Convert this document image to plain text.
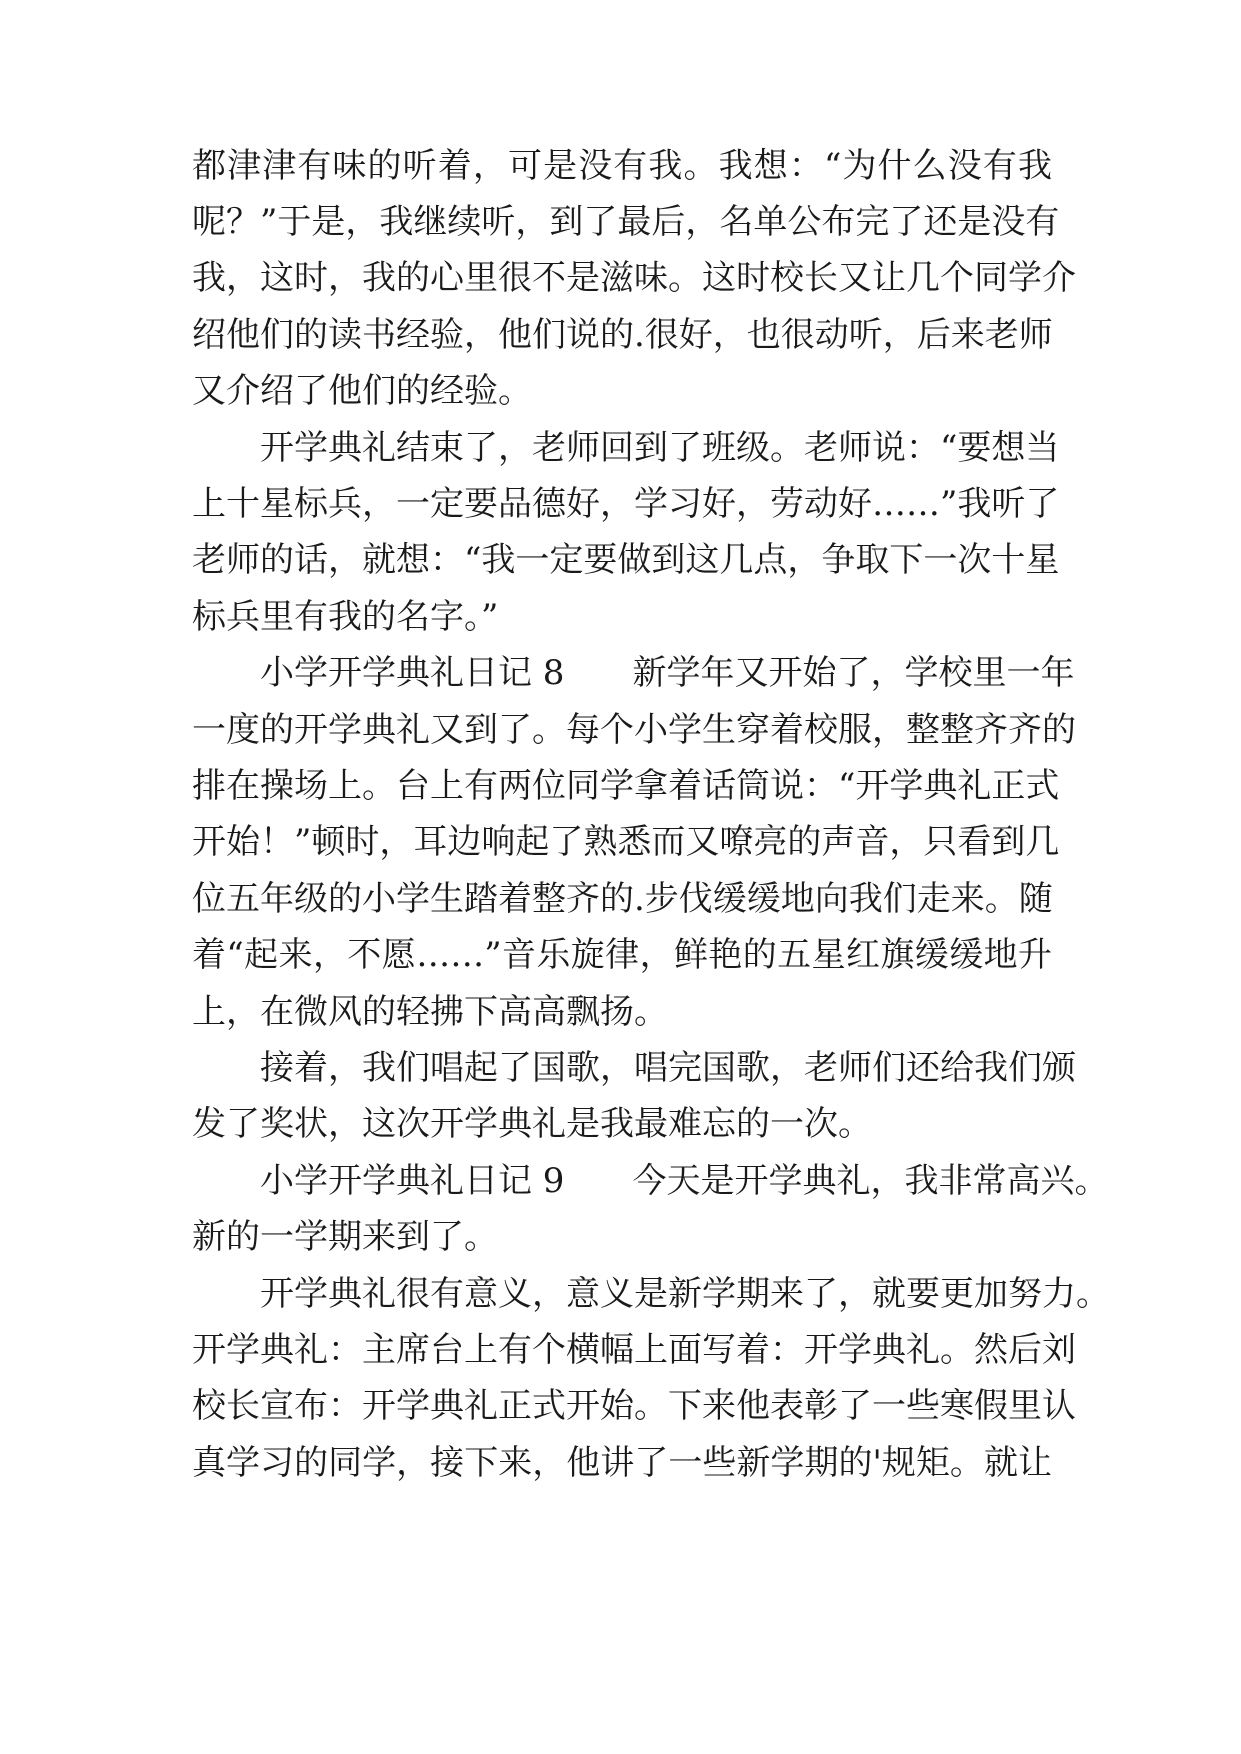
都津津有味的听着，可是没有我。我想：“为什么没有我
呢？”于是，我继续听，到了最后，名单公布完了还是没有
我，这时，我的心里很不是滋味。这时校长又让几个同学介
绍他们的读书经验，他们说的.很好，也很动听，后来老师
又介绍了他们的经验。
开学典礼结束了，老师回到了班级。老师说：“要想当
上十星标兵，一定要品德好，学习好，劳动好……”我听了
老师的话，就想：“我一定要做到这几点，争取下一次十星
标兵里有我的名字。”
小学开学典礼日记 8　　新学年又开始了，学校里一年
一度的开学典礼又到了。每个小学生穿着校服，整整齐齐的
排在操场上。台上有两位同学拿着话筒说：“开学典礼正式
开始！”顿时，耳边响起了熟悉而又嘹亮的声音，只看到几
位五年级的小学生踏着整齐的.步伐缓缓地向我们走来。随
着“起来，不愿……”音乐旋律，鲜艳的五星红旗缓缓地升
上，在微风的轻拂下高高飘扬。
接着，我们唱起了国歌，唱完国歌，老师们还给我们颁
发了奖状，这次开学典礼是我最难忘的一次。
小学开学典礼日记 9　　今天是开学典礼，我非常高兴。
新的一学期来到了。
开学典礼很有意义，意义是新学期来了，就要更加努力。
开学典礼：主席台上有个横幅上面写着：开学典礼。然后刘
校长宣布：开学典礼正式开始。下来他表彰了一些寒假里认
真学习的同学，接下来，他讲了一些新学期的'规矩。就让
